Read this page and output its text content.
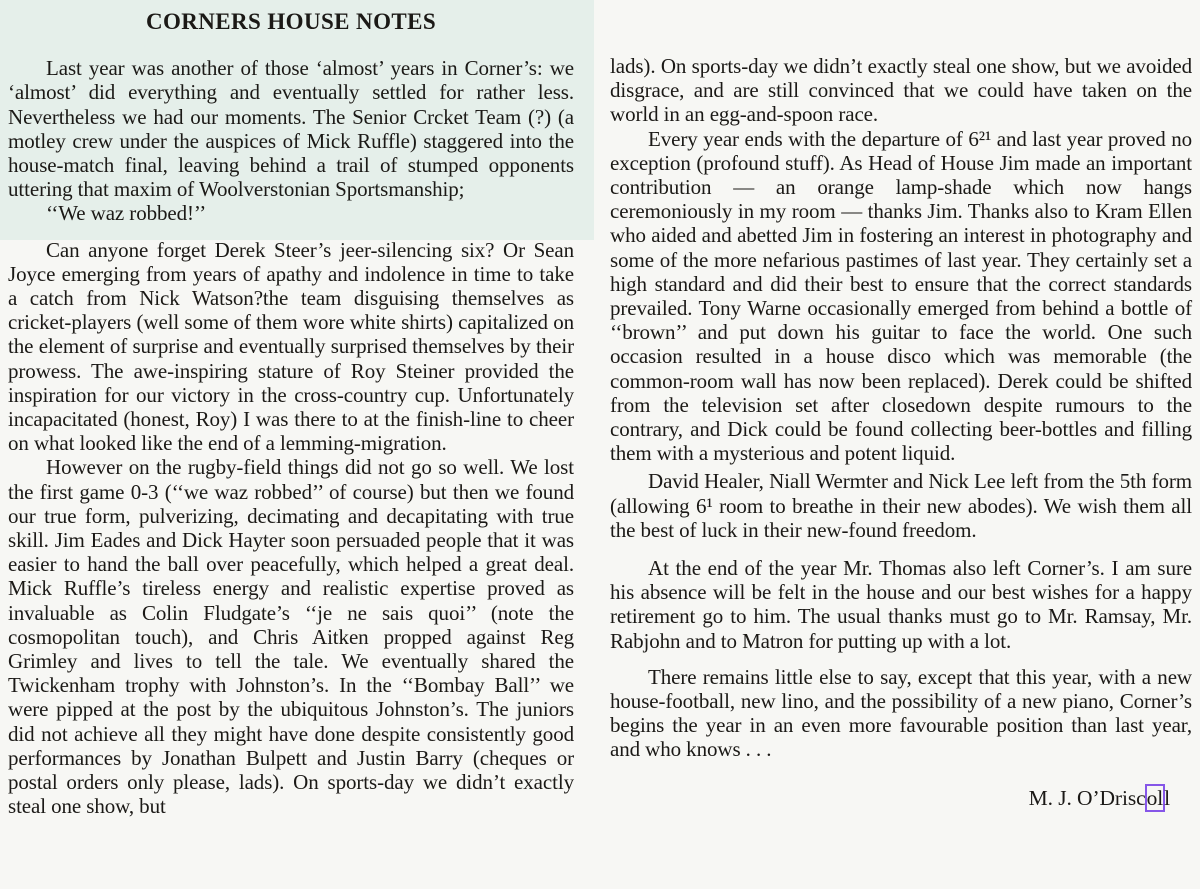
CORNERS HOUSE NOTES

Last year was another of those ‘almost’ years in Corner’s: we ‘almost’ did everything and eventually settled for rather less. Nevertheless we had our moments. The Senior Crcket Team (?) (a motley crew under the auspices of Mick Ruffle) staggered into the house-match final, leaving behind a trail of stumped opponents uttering that maxim of Woolverstonian Sportsmanship;

‘‘We waz robbed!’’

Can anyone forget Derek Steer’s jeer-silencing six? Or Sean Joyce emerging from years of apathy and indolence in time to take a catch from Nick Watson?the team disguising themselves as cricket-players (well some of them wore white shirts) capitalized on the element of surprise and eventually surprised themselves by their prowess. The awe-inspiring stature of Roy Steiner provided the inspiration for our victory in the cross-country cup. Unfortunately incapacitated (honest, Roy) I was there to at the finish-line to cheer on what looked like the end of a lemming-migration.

However on the rugby-field things did not go so well. We lost the first game 0-3 (‘‘we waz robbed’’ of course) but then we found our true form, pulverizing, decimating and decapitating with true skill. Jim Eades and Dick Hayter soon persuaded people that it was easier to hand the ball over peacefully, which helped a great deal. Mick Ruffle’s tireless energy and realistic expertise proved as invaluable as Colin Fludgate’s ‘‘je ne sais quoi’’ (note the cosmopolitan touch), and Chris Aitken propped against Reg Grimley and lives to tell the tale. We eventually shared the Twickenham trophy with Johnston’s. In the ‘‘Bombay Ball’’ we were pipped at the post by the ubiquitous Johnston’s. The juniors did not achieve all they might have done despite consistently good performances by Jonathan Bulpett and Justin Barry (cheques or postal orders only please, lads). On sports-day we didn’t exactly steal one show, but

lads). On sports-day we didn’t exactly steal one show, but we avoided disgrace, and are still convinced that we could have taken on the world in an egg-and-spoon race.

Every year ends with the departure of 6²¹ and last year proved no exception (profound stuff). As Head of House Jim made an important contribution — an orange lamp-shade which now hangs ceremoniously in my room — thanks Jim. Thanks also to Kram Ellen who aided and abetted Jim in fostering an interest in photography and some of the more nefarious pastimes of last year. They certainly set a high standard and did their best to ensure that the correct standards prevailed. Tony Warne occasionally emerged from behind a bottle of ‘‘brown’’ and put down his guitar to face the world. One such occasion resulted in a house disco which was memorable (the common-room wall has now been replaced). Derek could be shifted from the television set after closedown despite rumours to the contrary, and Dick could be found collecting beer-bottles and filling them with a mysterious and potent liquid.

David Healer, Niall Wermter and Nick Lee left from the 5th form (allowing 6¹ room to breathe in their new abodes). We wish them all the best of luck in their new-found freedom.

At the end of the year Mr. Thomas also left Corner’s. I am sure his absence will be felt in the house and our best wishes for a happy retirement go to him. The usual thanks must go to Mr. Ramsay, Mr. Rabjohn and to Matron for putting up with a lot.

There remains little else to say, except that this year, with a new house-football, new lino, and the possibility of a new piano, Corner’s begins the year in an even more favourable position than last year, and who knows . . .

M. J. O’Driscoll
